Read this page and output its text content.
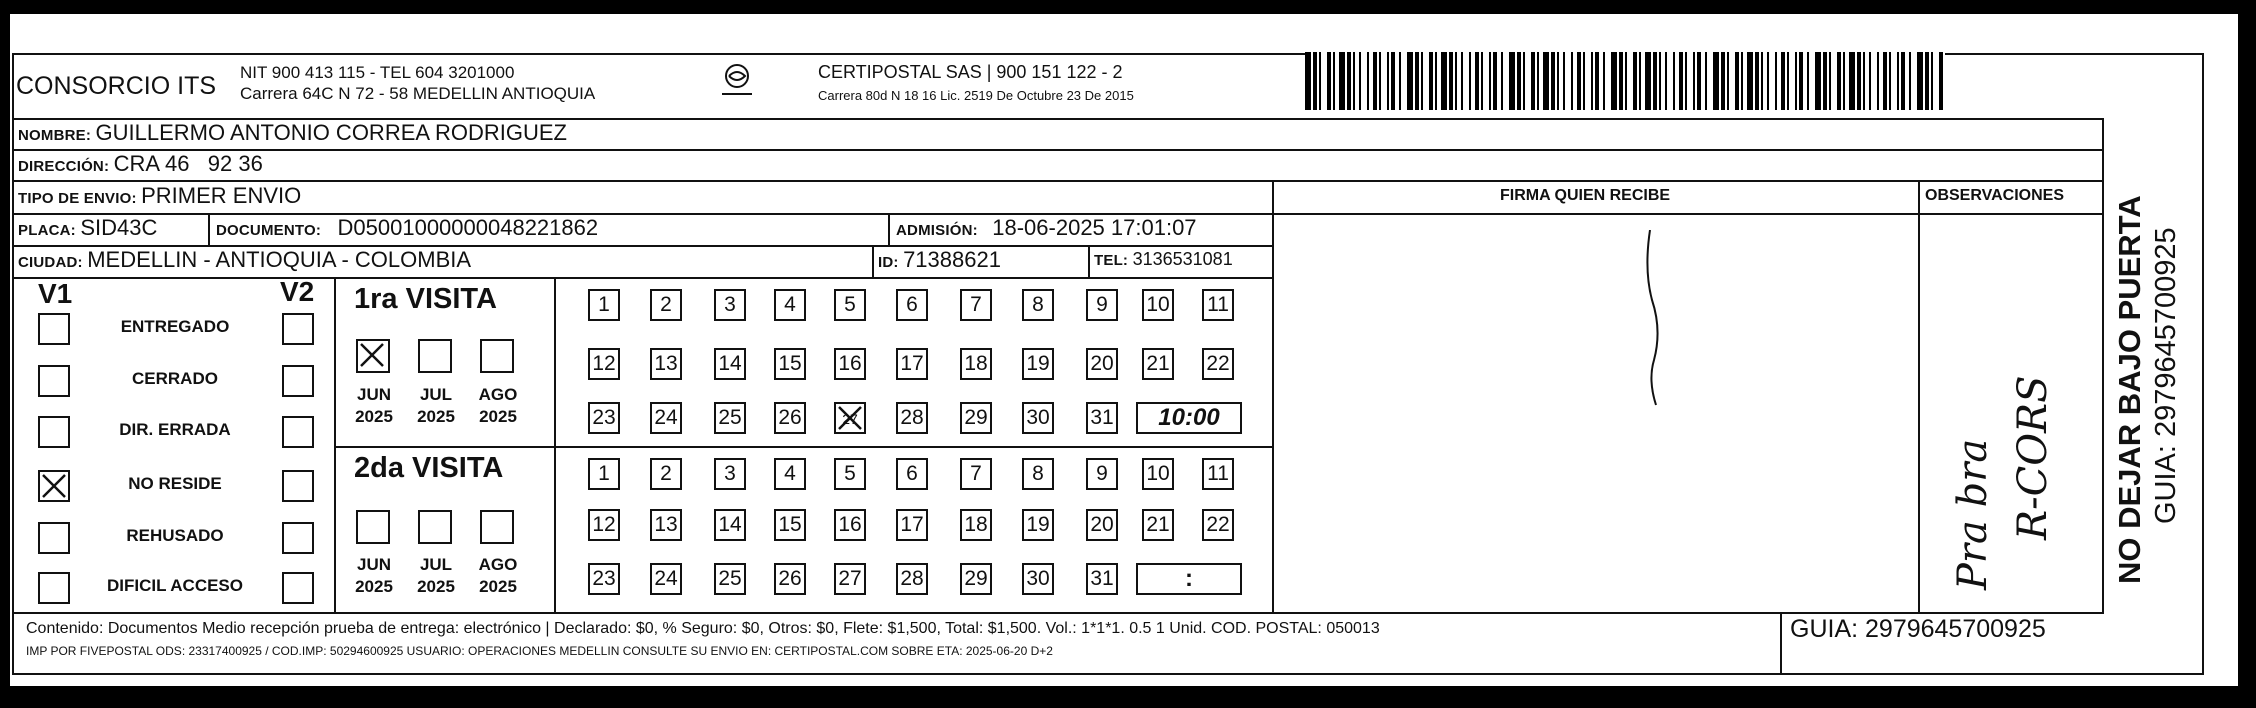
CONSORCIO ITS NIT 900 413 115 - TEL 604 3201000
Carrera 64C N 72 - 58 MEDELLIN ANTIOQUIA
CERTIPOSTAL SAS | 900 151 122 - 2
Carrera 80d N 18 16 Lic. 2519 De Octubre 23 De 2015
NOMBRE: GUILLERMO ANTONIO CORREA RODRIGUEZ
DIRECCIÓN: CRA 46   92 36
TIPO DE ENVIO: PRIMER ENVIO	FIRMA QUIEN RECIBE	OBSERVACIONES
PLACA: SID43C	DOCUMENTO: D05001000000048221862	ADMISIÓN: 18-06-2025 17:01:07
CIUDAD: MEDELLIN - ANTIOQUIA - COLOMBIA	ID: 71388621	TEL: 3136531081
V1	V2
ENTREGADO
CERRADO
DIR. ERRADA
NO RESIDE
REHUSADO
DIFICIL ACCESO
1ra VISITA
2da VISITA
JUN
2025
JUL
2025
AGO
2025
JUN
2025
JUL
2025
AGO
2025
1	2	3	4	5	6	7	8	9	10 11
12 13 14 15 16 17 18 19 20 21 22
23 24 25 26	27	28 29 30 31	10:00
1	2	3	4	5	6	7	8	9	10 11
12 13 14 15 16 17 18 19 20 21 22
23 24 25 26 27 28 29 30 31	:
Contenido: Documentos Medio recepción prueba de entrega: electrónico | Declarado: $0, % Seguro: $0, Otros: $0, Flete: $1,500, Total: $1,500. Vol.: 1*1*1. 0.5 1 Unid. COD. POSTAL: 050013
IMP POR FIVEPOSTAL ODS: 23317400925 / COD.IMP: 50294600925 USUARIO: OPERACIONES MEDELLIN CONSULTE SU ENVIO EN: CERTIPOSTAL.COM SOBRE ETA: 2025-06-20 D+2
GUIA: 2979645700925
NO DEJAR BAJO PUERTA GUIA: 2979645700925
Pra bra R-CORS
